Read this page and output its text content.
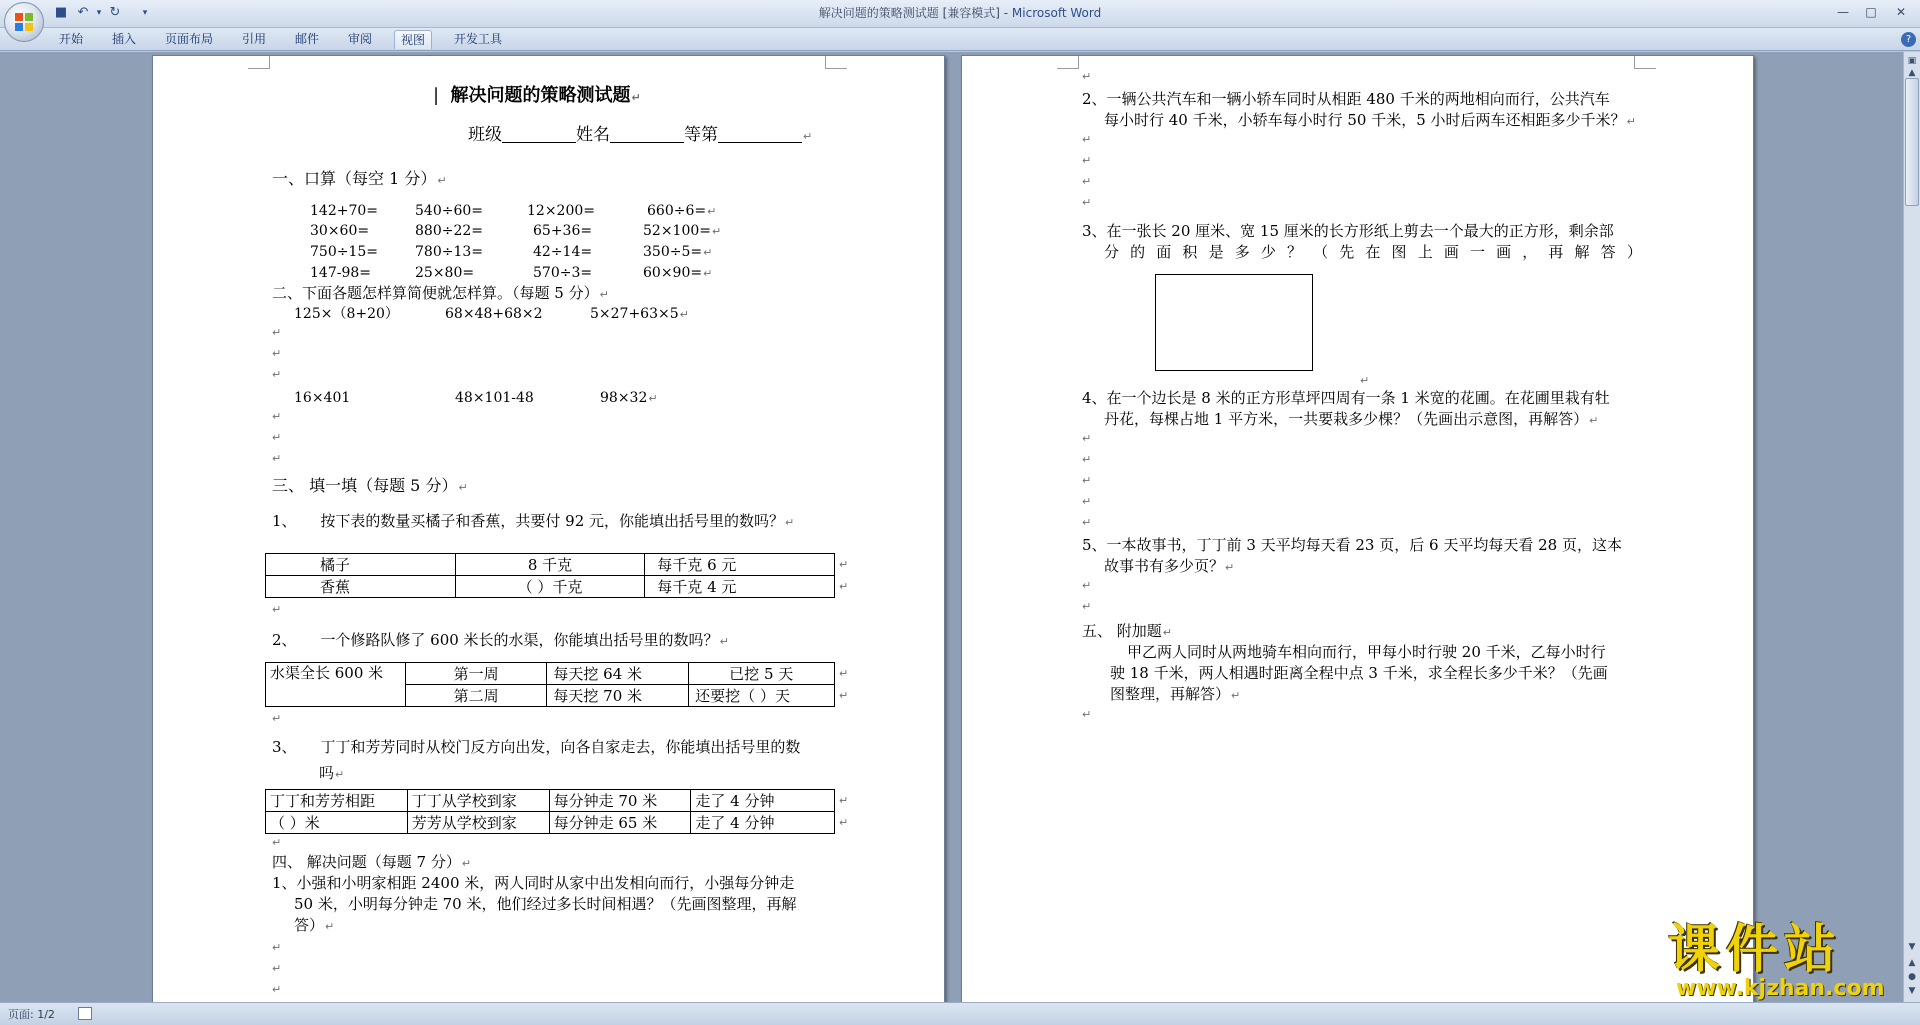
■ ↶ ▾ ↻	▾	解决问题的策略测试题 [兼容模式] - Microsoft Word	—	□	✕
开始	插入	页面布局	引用	邮件	审阅	视图	开发工具	?
|  解决问题的策略测试题↵
班级	姓名	等第	↵
一、口算（每空 1 分）↵
142+70=	540÷60=	12×200=	660÷6=↵
30×60=	880÷22=	65+36=	52×100=↵
750÷15=	780÷13=	42÷14=	350÷5=↵
147-98=	25×80=	570÷3=	60×90=↵
二、下面各题怎样算简便就怎样算。（每题 5 分）↵
125×（8+20）	68×48+68×2	5×27+63×5↵
↵
↵
↵
16×401	48×101-48	98×32↵
↵
↵
↵
三、 填一填（每题 5 分）↵
1、 按下表的数量买橘子和香蕉，共要付 92 元，你能填出括号里的数吗？↵
橘子	8 千克	每千克 6 元
香蕉	（ ）千克	每千克 4 元
↵
↵
↵
2、 一个修路队修了 600 米长的水渠，你能填出括号里的数吗？↵
水渠全长 600 米	第一周	每天挖 64 米	已挖 5 天
	第二周	每天挖 70 米	还要挖（ ）天
↵
↵
↵
3、 丁丁和芳芳同时从校门反方向出发，向各自家走去，你能填出括号里的数
吗↵
丁丁和芳芳相距	丁丁从学校到家	每分钟走 70 米	走了 4 分钟
（ ）米	芳芳从学校到家	每分钟走 65 米	走了 4 分钟
↵
↵
↵
四、 解决问题（每题 7 分）↵
1、小强和小明家相距 2400 米，两人同时从家中出发相向而行，小强每分钟走
50 米，小明每分钟走 70 米，他们经过多长时间相遇？（先画图整理，再解
答）↵
↵
↵
↵
↵
2、一辆公共汽车和一辆小轿车同时从相距 480 千米的两地相向而行，公共汽车
每小时行 40 千米，小轿车每小时行 50 千米，5 小时后两车还相距多少千米？↵
↵
↵
↵
↵
3、在一张长 20 厘米、宽 15 厘米的长方形纸上剪去一个最大的正方形，剩余部
分 的 面 积 是 多 少 ？ （ 先 在 图 上 画 一 画 ， 再 解 答 ）
↵
4、在一个边长是 8 米的正方形草坪四周有一条 1 米宽的花圃。在花圃里栽有牡
丹花，每棵占地 1 平方米，一共要栽多少棵？（先画出示意图，再解答）↵
↵
↵
↵
↵
↵
5、一本故事书，丁丁前 3 天平均每天看 23 页，后 6 天平均每天看 28 页，这本
故事书有多少页？↵
↵
↵
五、 附加题↵
甲乙两人同时从两地骑车相向而行，甲每小时行驶 20 千米，乙每小时行
驶 18 千米，两人相遇时距离全程中点 3 千米，求全程长多少千米？（先画
图整理，再解答）↵
↵
▣
▲
▼
▲
●
▼
页面: 1/2
课件站
www.kjzhan.com
